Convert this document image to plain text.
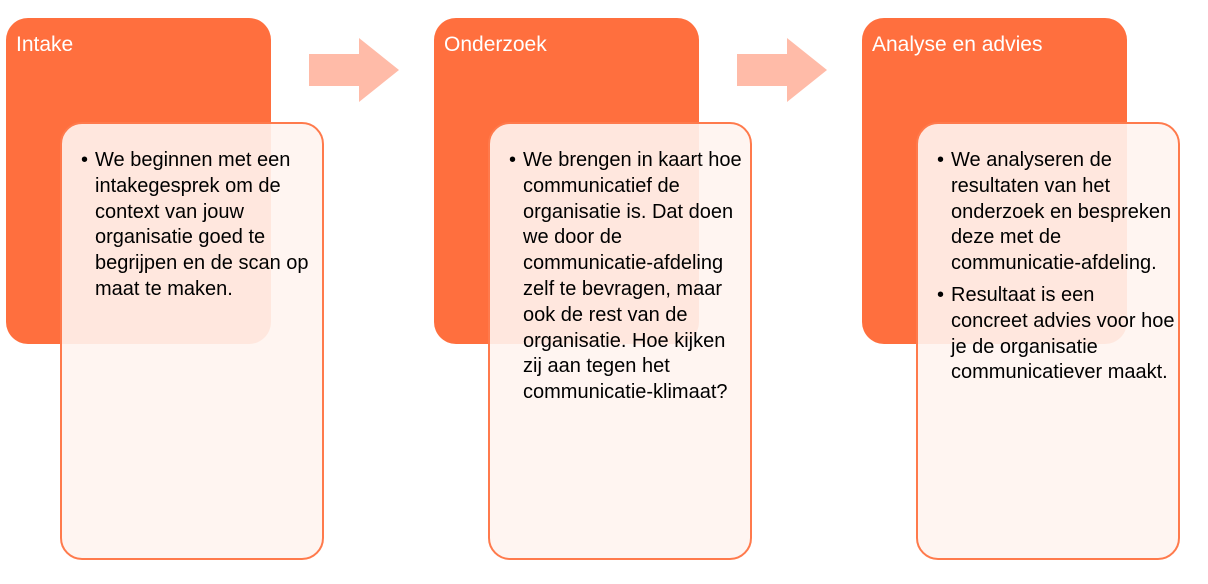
Intake
• We beginnen met een intakegesprek om de context van jouw organisatie goed te begrijpen en de scan op maat te maken.
Onderzoek
• We brengen in kaart hoe communicatief de organisatie is. Dat doen we door de communicatie-afdeling zelf te bevragen, maar ook de rest van de organisatie. Hoe kijken zij aan tegen het communicatie-klimaat?
Analyse en advies
• We analyseren de resultaten van het onderzoek en bespreken deze met de communicatie-afdeling.
• Resultaat is een concreet advies voor hoe je de organisatie communicatiever maakt.
